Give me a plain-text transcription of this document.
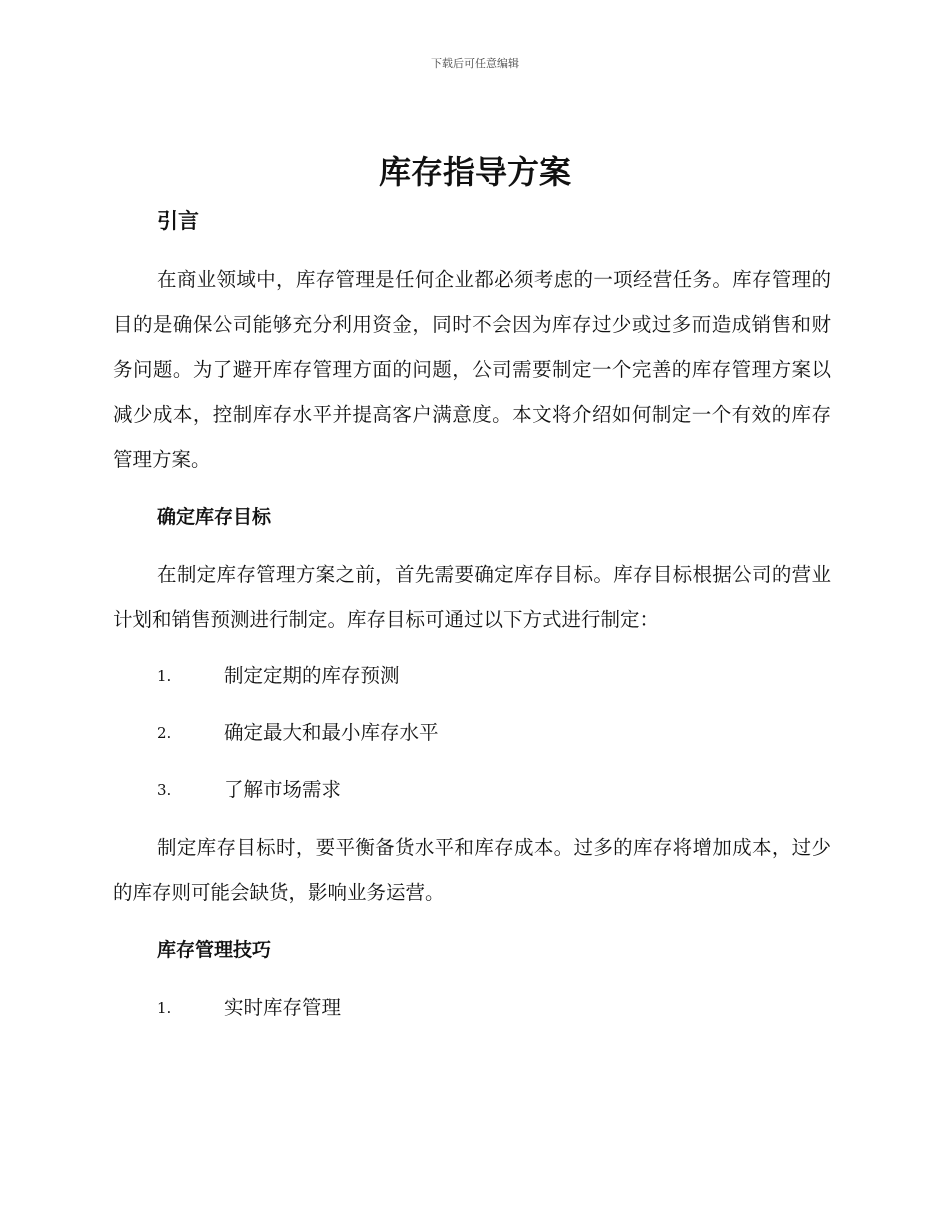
下载后可任意编辑
库存指导方案
引言

在商业领域中，库存管理是任何企业都必须考虑的一项经营任务。库存管理的目的是确保公司能够充分利用资金，同时不会因为库存过少或过多而造成销售和财务问题。为了避开库存管理方面的问题，公司需要制定一个完善的库存管理方案以减少成本，控制库存水平并提高客户满意度。本文将介绍如何制定一个有效的库存管理方案。

确定库存目标

在制定库存管理方案之前，首先需要确定库存目标。库存目标根据公司的营业计划和销售预测进行制定。库存目标可通过以下方式进行制定：

1.	制定定期的库存预测
2.	确定最大和最小库存水平
3.	了解市场需求

制定库存目标时，要平衡备货水平和库存成本。过多的库存将增加成本，过少的库存则可能会缺货，影响业务运营。

库存管理技巧
1.	实时库存管理
